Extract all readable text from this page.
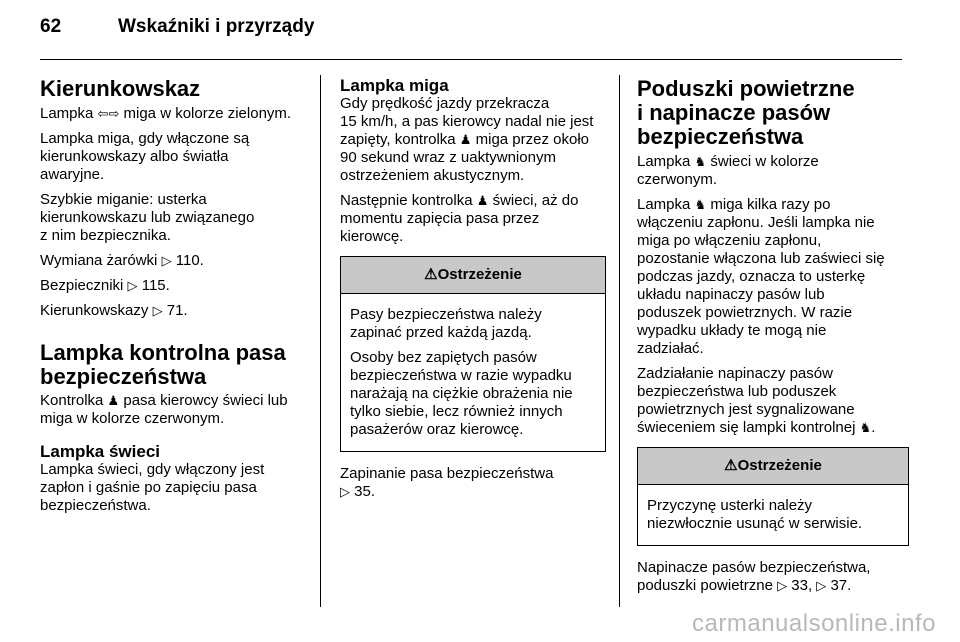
62	Wskaźniki i przyrządy
Kierunkowskaz

Lampka ⇦⇨ miga w kolorze zielonym.

Lampka miga, gdy włączone są
kierunkowskazy albo światła
awaryjne.

Szybkie miganie: usterka
kierunkowskazu lub związanego
z nim bezpiecznika.

Wymiana żarówki ▷ 110.

Bezpieczniki ▷ 115.

Kierunkowskazy ▷ 71.

Lampka kontrolna pasa
bezpieczeństwa

Kontrolka ♟ pasa kierowcy świeci lub
miga w kolorze czerwonym.

Lampka świeci

Lampka świeci, gdy włączony jest
zapłon i gaśnie po zapięciu pasa
bezpieczeństwa.

Lampka miga

Gdy prędkość jazdy przekracza
15 km/h, a pas kierowcy nadal nie jest
zapięty, kontrolka ♟ miga przez około
90 sekund wraz z uaktywnionym
ostrzeżeniem akustycznym.

Następnie kontrolka ♟ świeci, aż do
momentu zapięcia pasa przez
kierowcę.

⚠Ostrzeżenie

Pasy bezpieczeństwa należy
zapinać przed każdą jazdą.

Osoby bez zapiętych pasów
bezpieczeństwa w razie wypadku
narażają na ciężkie obrażenia nie
tylko siebie, lecz również innych
pasażerów oraz kierowcę.

Zapinanie pasa bezpieczeństwa
▷ 35.

Poduszki powietrzne
i napinacze pasów
bezpieczeństwa

Lampka ♞ świeci w kolorze
czerwonym.

Lampka ♞ miga kilka razy po
włączeniu zapłonu. Jeśli lampka nie
miga po włączeniu zapłonu,
pozostanie włączona lub zaświeci się
podczas jazdy, oznacza to usterkę
układu napinaczy pasów lub
poduszek powietrznych. W razie
wypadku układy te mogą nie
zadziałać.

Zadziałanie napinaczy pasów
bezpieczeństwa lub poduszek
powietrznych jest sygnalizowane
świeceniem się lampki kontrolnej ♞.

⚠Ostrzeżenie

Przyczynę usterki należy
niezwłocznie usunąć w serwisie.

Napinacze pasów bezpieczeństwa,
poduszki powietrzne ▷ 33, ▷ 37.

carmanualsonline.info
